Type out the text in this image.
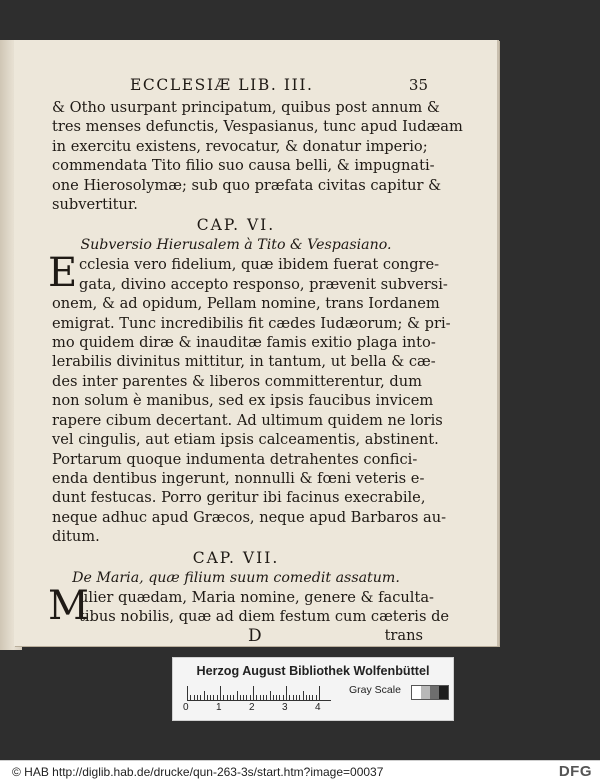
ECCLESIÆ LIB. III.	35
& Otho usurpant principatum, quibus post annum &
tres menses defunctis, Vespasianus, tunc apud Iudæam
in exercitu existens, revocatur, & donatur imperio;
commendata Tito filio suo causa belli, & impugnati-
one Hierosolymæ; sub quo præfata civitas capitur &
subvertitur.
CAP. VI.
Subversio Hierusalem à Tito & Vespasiano.
E cclesia vero fidelium, quæ ibidem fuerat congre-
gata, divino accepto responso, prævenit subversi-
onem, & ad opidum, Pellam nomine, trans Iordanem
emigrat. Tunc incredibilis fit cædes Iudæorum; & pri-
mo quidem diræ & inauditæ famis exitio plaga into-
lerabilis divinitus mittitur, in tantum, ut bella & cæ-
des inter parentes & liberos committerentur, dum
non solum è manibus, sed ex ipsis faucibus invicem
rapere cibum decertant. Ad ultimum quidem ne loris
vel cingulis, aut etiam ipsis calceamentis, abstinent.
Portarum quoque indumenta detrahentes confici-
enda dentibus ingerunt, nonnulli & fœni veteris e-
dunt festucas. Porro geritur ibi facinus execrabile,
neque adhuc apud Græcos, neque apud Barbaros au-
ditum.
CAP. VII.
De Maria, quæ filium suum comedit assatum.
M
ulier quædam, Maria nomine, genere & faculta-
tibus nobilis, quæ ad diem festum cum cæteris de
D	trans
Herzog August Bibliothek Wolfenbüttel
0	1	2	3	4
Gray Scale
© HAB http://diglib.hab.de/drucke/qun-263-3s/start.htm?image=00037	DFG
